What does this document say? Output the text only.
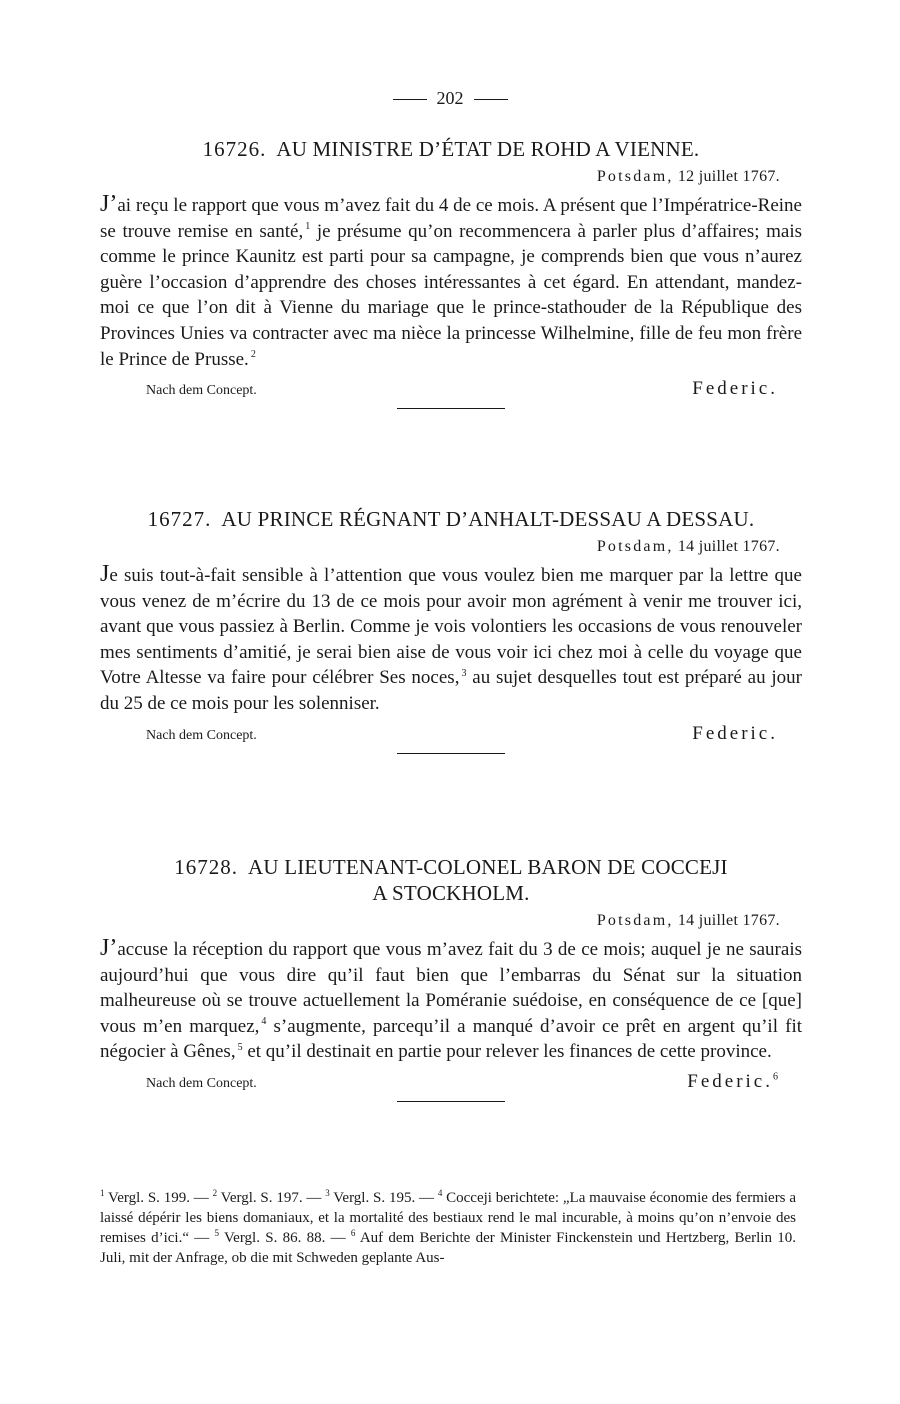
202
16726. AU MINISTRE D’ÉTAT DE ROHD A VIENNE.
Potsdam, 12 juillet 1767.
J’ai reçu le rapport que vous m’avez fait du 4 de ce mois. A présent que l’Impératrice-Reine se trouve remise en santé, $^1$ je présume qu’on recommencera à parler plus d’affaires; mais comme le prince Kaunitz est parti pour sa campagne, je comprends bien que vous n’aurez guère l’occasion d’apprendre des choses intéressantes à cet égard. En attendant, mandez-moi ce que l’on dit à Vienne du mariage que le prince-stathouder de la République des Provinces Unies va contracter avec ma nièce la princesse Wilhelmine, fille de feu mon frère le Prince de Prusse. $^2$
Nach dem Concept.	Federic.
16727. AU PRINCE RÉGNANT D’ANHALT-DESSAU A DESSAU.
Potsdam, 14 juillet 1767.
Je suis tout-à-fait sensible à l’attention que vous voulez bien me marquer par la lettre que vous venez de m’écrire du 13 de ce mois pour avoir mon agrément à venir me trouver ici, avant que vous passiez à Berlin. Comme je vois volontiers les occasions de vous renouveler mes sentiments d’amitié, je serai bien aise de vous voir ici chez moi à celle du voyage que Votre Altesse va faire pour célébrer Ses noces, $^3$ au sujet desquelles tout est préparé au jour du 25 de ce mois pour les solenniser.
Nach dem Concept.	Federic.
16728. AU LIEUTENANT-COLONEL BARON DE COCCEJI
A STOCKHOLM.
Potsdam, 14 juillet 1767.
J’accuse la réception du rapport que vous m’avez fait du 3 de ce mois; auquel je ne saurais aujourd’hui que vous dire qu’il faut bien que l’embarras du Sénat sur la situation malheureuse où se trouve actuellement la Poméranie suédoise, en conséquence de ce [que] vous m’en marquez, $^4$ s’augmente, parcequ’il a manqué d’avoir ce prêt en argent qu’il fit négocier à Gênes, $^5$ et qu’il destinait en partie pour relever les finances de cette province.
Nach dem Concept.	Federic.$^6$
$^1$ Vergl. S. 199. — $^2$ Vergl. S. 197. — $^3$ Vergl. S. 195. — $^4$ Cocceji berichtete: „La mauvaise économie des fermiers a laissé dépérir les biens domaniaux, et la mortalité des bestiaux rend le mal incurable, à moins qu’on n’envoie des remises d’ici.“ — $^5$ Vergl. S. 86. 88. — $^6$ Auf dem Berichte der Minister Finckenstein und Hertzberg, Berlin 10. Juli, mit der Anfrage, ob die mit Schweden geplante Aus-
